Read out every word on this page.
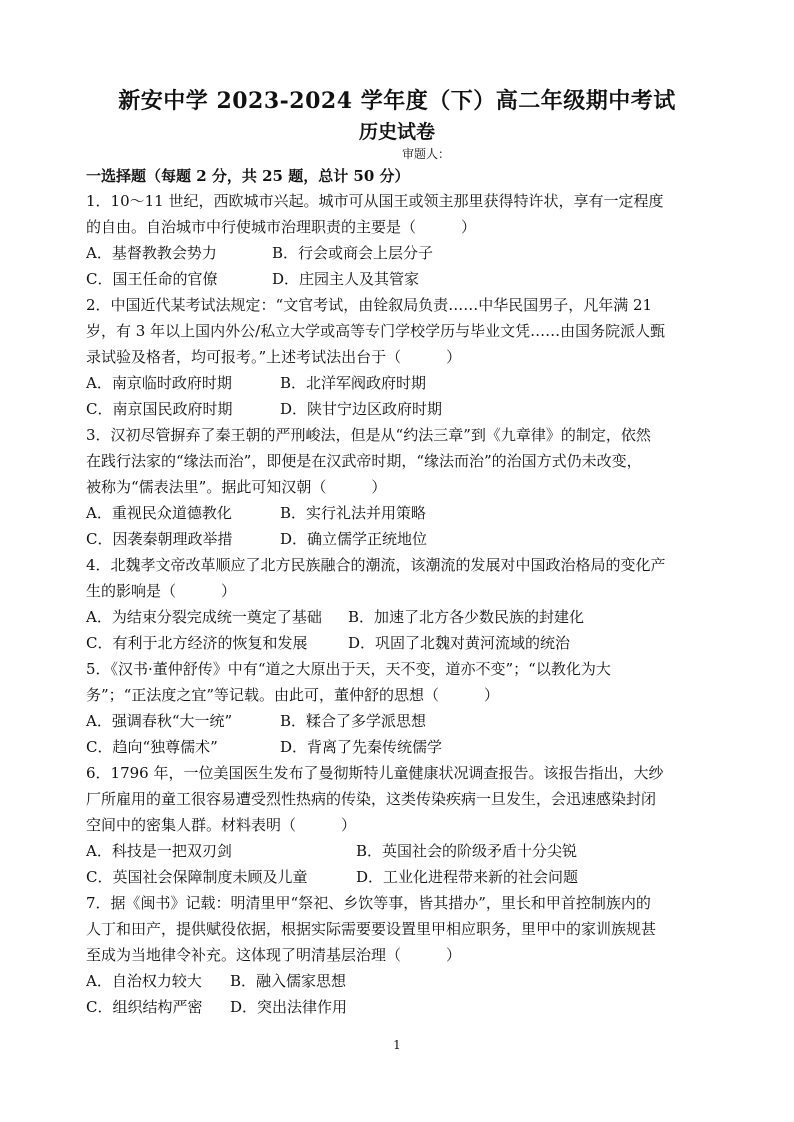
新安中学 2023-2024 学年度（下）高二年级期中考试
历史试卷
审题人：
一选择题（每题 2 分，共 25 题，总计 50 分）
1．10～11 世纪，西欧城市兴起。城市可从国王或领主那里获得特许状，享有一定程度
的自由。自治城市中行使城市治理职责的主要是（　　　）
A．基督教教会势力	B．行会或商会上层分子
C．国王任命的官僚	D．庄园主人及其管家
2．中国近代某考试法规定：“文官考试，由铨叙局负责……中华民国男子，凡年满 21
岁，有 3 年以上国内外公/私立大学或高等专门学校学历与毕业文凭……由国务院派人甄
录试验及格者，均可报考。”上述考试法出台于（　　　）
A．南京临时政府时期	B．北洋军阀政府时期
C．南京国民政府时期	D．陕甘宁边区政府时期
3．汉初尽管摒弃了秦王朝的严刑峻法，但是从“约法三章”到《九章律》的制定，依然
在践行法家的“缘法而治”，即便是在汉武帝时期，“缘法而治”的治国方式仍未改变，
被称为“儒表法里”。据此可知汉朝（　　　）
A．重视民众道德教化	B．实行礼法并用策略
C．因袭秦朝理政举措	D．确立儒学正统地位
4．北魏孝文帝改革顺应了北方民族融合的潮流，该潮流的发展对中国政治格局的变化产
生的影响是（　　　）
A．为结束分裂完成统一奠定了基础 B．加速了北方各少数民族的封建化
C．有利于北方经济的恢复和发展	D．巩固了北魏对黄河流域的统治
5．《汉书·董仲舒传》中有“道之大原出于天，天不变，道亦不变”；“以教化为大
务”；“正法度之宜”等记载。由此可，董仲舒的思想（　　　）
A．强调春秋“大一统”	B．糅合了多学派思想
C．趋向“独尊儒术”	D．背离了先秦传统儒学
6．1796 年，一位美国医生发布了曼彻斯特儿童健康状况调查报告。该报告指出，大纱
厂所雇用的童工很容易遭受烈性热病的传染，这类传染疾病一旦发生，会迅速感染封闭
空间中的密集人群。材料表明（　　　）
A．科技是一把双刃剑	B．英国社会的阶级矛盾十分尖锐
C．英国社会保障制度未顾及儿童	D．工业化进程带来新的社会问题
7．据《闽书》记载：明清里甲“祭祀、乡饮等事，皆其措办”，里长和甲首控制族内的
人丁和田产，提供赋役依据，根据实际需要要设置里甲相应职务，里甲中的家训族规甚
至成为当地律令补充。这体现了明清基层治理（　　　）
A．自治权力较大 B．融入儒家思想
C．组织结构严密 D．突出法律作用
1
